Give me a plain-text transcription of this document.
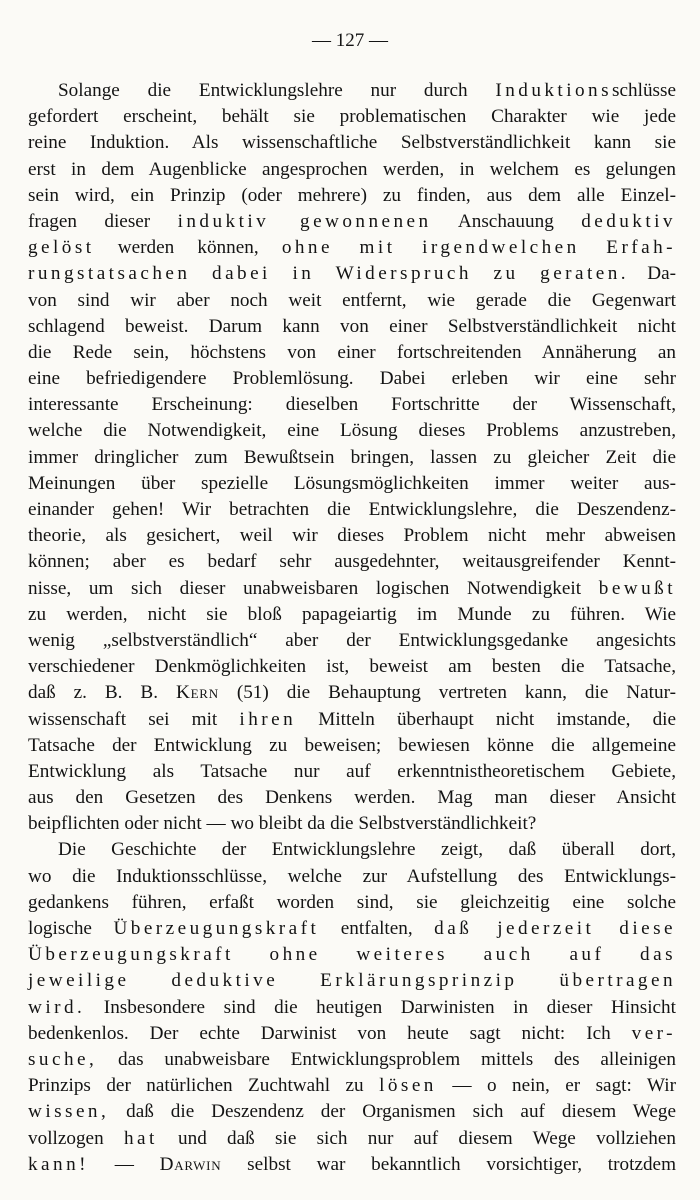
— 127 —
Solange die Entwicklungslehre nur durch Induktionsschlüsse
gefordert erscheint, behält sie problematischen Charakter wie jede
reine Induktion. Als wissenschaftliche Selbstverständlichkeit kann sie
erst in dem Augenblicke angesprochen werden, in welchem es gelungen
sein wird, ein Prinzip (oder mehrere) zu finden, aus dem alle Einzel-
fragen dieser induktiv gewonnenen Anschauung deduktiv
gelöst werden können, ohne mit irgendwelchen Erfah-
rungstatsachen dabei in Widerspruch zu geraten. Da-
von sind wir aber noch weit entfernt, wie gerade die Gegenwart
schlagend beweist. Darum kann von einer Selbstverständlichkeit nicht
die Rede sein, höchstens von einer fortschreitenden Annäherung an
eine befriedigendere Problemlösung. Dabei erleben wir eine sehr
interessante Erscheinung: dieselben Fortschritte der Wissenschaft,
welche die Notwendigkeit, eine Lösung dieses Problems anzustreben,
immer dringlicher zum Bewußtsein bringen, lassen zu gleicher Zeit die
Meinungen über spezielle Lösungsmöglichkeiten immer weiter aus-
einander gehen! Wir betrachten die Entwicklungslehre, die Deszendenz-
theorie, als gesichert, weil wir dieses Problem nicht mehr abweisen
können; aber es bedarf sehr ausgedehnter, weitausgreifender Kennt-
nisse, um sich dieser unabweisbaren logischen Notwendigkeit bewußt
zu werden, nicht sie bloß papageiartig im Munde zu führen. Wie
wenig „selbstverständlich“ aber der Entwicklungsgedanke angesichts
verschiedener Denkmöglichkeiten ist, beweist am besten die Tatsache,
daß z. B. B. Kern (51) die Behauptung vertreten kann, die Natur-
wissenschaft sei mit ihren Mitteln überhaupt nicht imstande, die
Tatsache der Entwicklung zu beweisen; bewiesen könne die allgemeine
Entwicklung als Tatsache nur auf erkenntnistheoretischem Gebiete,
aus den Gesetzen des Denkens werden. Mag man dieser Ansicht
beipflichten oder nicht — wo bleibt da die Selbstverständlichkeit?
Die Geschichte der Entwicklungslehre zeigt, daß überall dort,
wo die Induktionsschlüsse, welche zur Aufstellung des Entwicklungs-
gedankens führen, erfaßt worden sind, sie gleichzeitig eine solche
logische Überzeugungskraft entfalten, daß jederzeit diese
Überzeugungskraft ohne weiteres auch auf das
jeweilige deduktive Erklärungsprinzip übertragen
wird. Insbesondere sind die heutigen Darwinisten in dieser Hinsicht
bedenkenlos. Der echte Darwinist von heute sagt nicht: Ich ver-
suche, das unabweisbare Entwicklungsproblem mittels des alleinigen
Prinzips der natürlichen Zuchtwahl zu lösen — o nein, er sagt: Wir
wissen, daß die Deszendenz der Organismen sich auf diesem Wege
vollzogen hat und daß sie sich nur auf diesem Wege vollziehen
kann! — Darwin selbst war bekanntlich vorsichtiger, trotzdem
